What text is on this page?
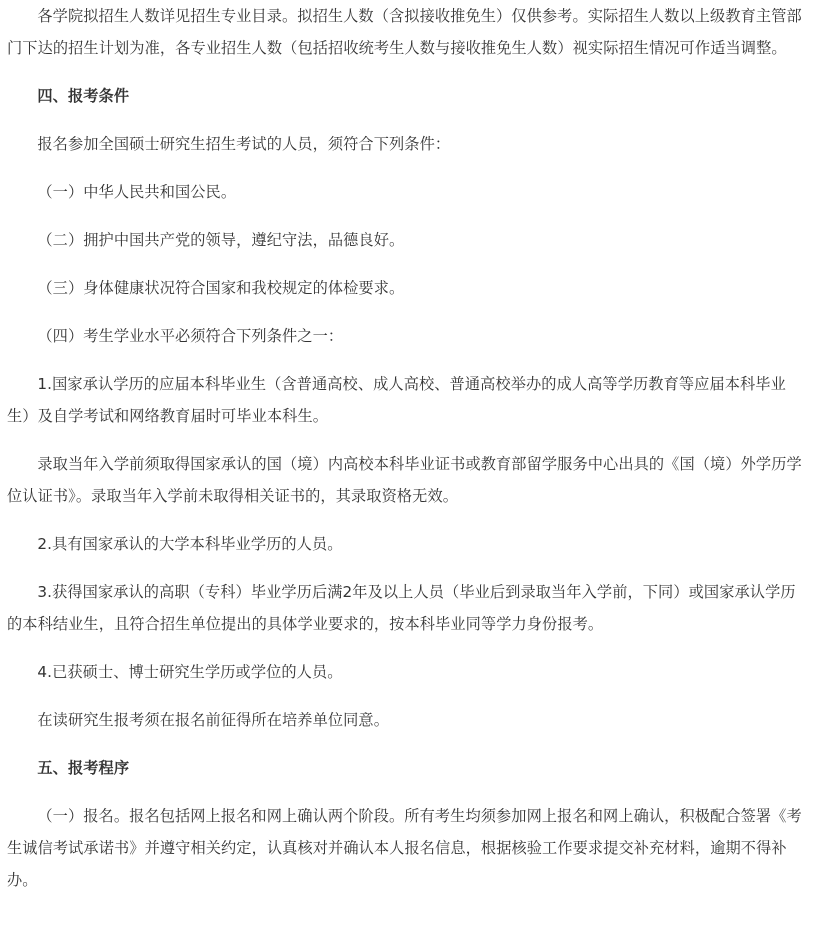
各学院拟招生人数详见招生专业目录。拟招生人数（含拟接收推免生）仅供参考。实际招生人数以上级教育主管部门下达的招生计划为准，各专业招生人数（包括招收统考生人数与接收推免生人数）视实际招生情况可作适当调整。

四、报考条件

报名参加全国硕士研究生招生考试的人员，须符合下列条件：

（一）中华人民共和国公民。

（二）拥护中国共产党的领导，遵纪守法，品德良好。

（三）身体健康状况符合国家和我校规定的体检要求。

（四）考生学业水平必须符合下列条件之一：

1.国家承认学历的应届本科毕业生（含普通高校、成人高校、普通高校举办的成人高等学历教育等应届本科毕业生）及自学考试和网络教育届时可毕业本科生。

录取当年入学前须取得国家承认的国（境）内高校本科毕业证书或教育部留学服务中心出具的《国（境）外学历学位认证书》。录取当年入学前未取得相关证书的，其录取资格无效。

2.具有国家承认的大学本科毕业学历的人员。

3.获得国家承认的高职（专科）毕业学历后满2年及以上人员（毕业后到录取当年入学前，下同）或国家承认学历的本科结业生，且符合招生单位提出的具体学业要求的，按本科毕业同等学力身份报考。

4.已获硕士、博士研究生学历或学位的人员。

在读研究生报考须在报名前征得所在培养单位同意。

五、报考程序

（一）报名。报名包括网上报名和网上确认两个阶段。所有考生均须参加网上报名和网上确认，积极配合签署《考生诚信考试承诺书》并遵守相关约定，认真核对并确认本人报名信息，根据核验工作要求提交补充材料，逾期不得补办。
